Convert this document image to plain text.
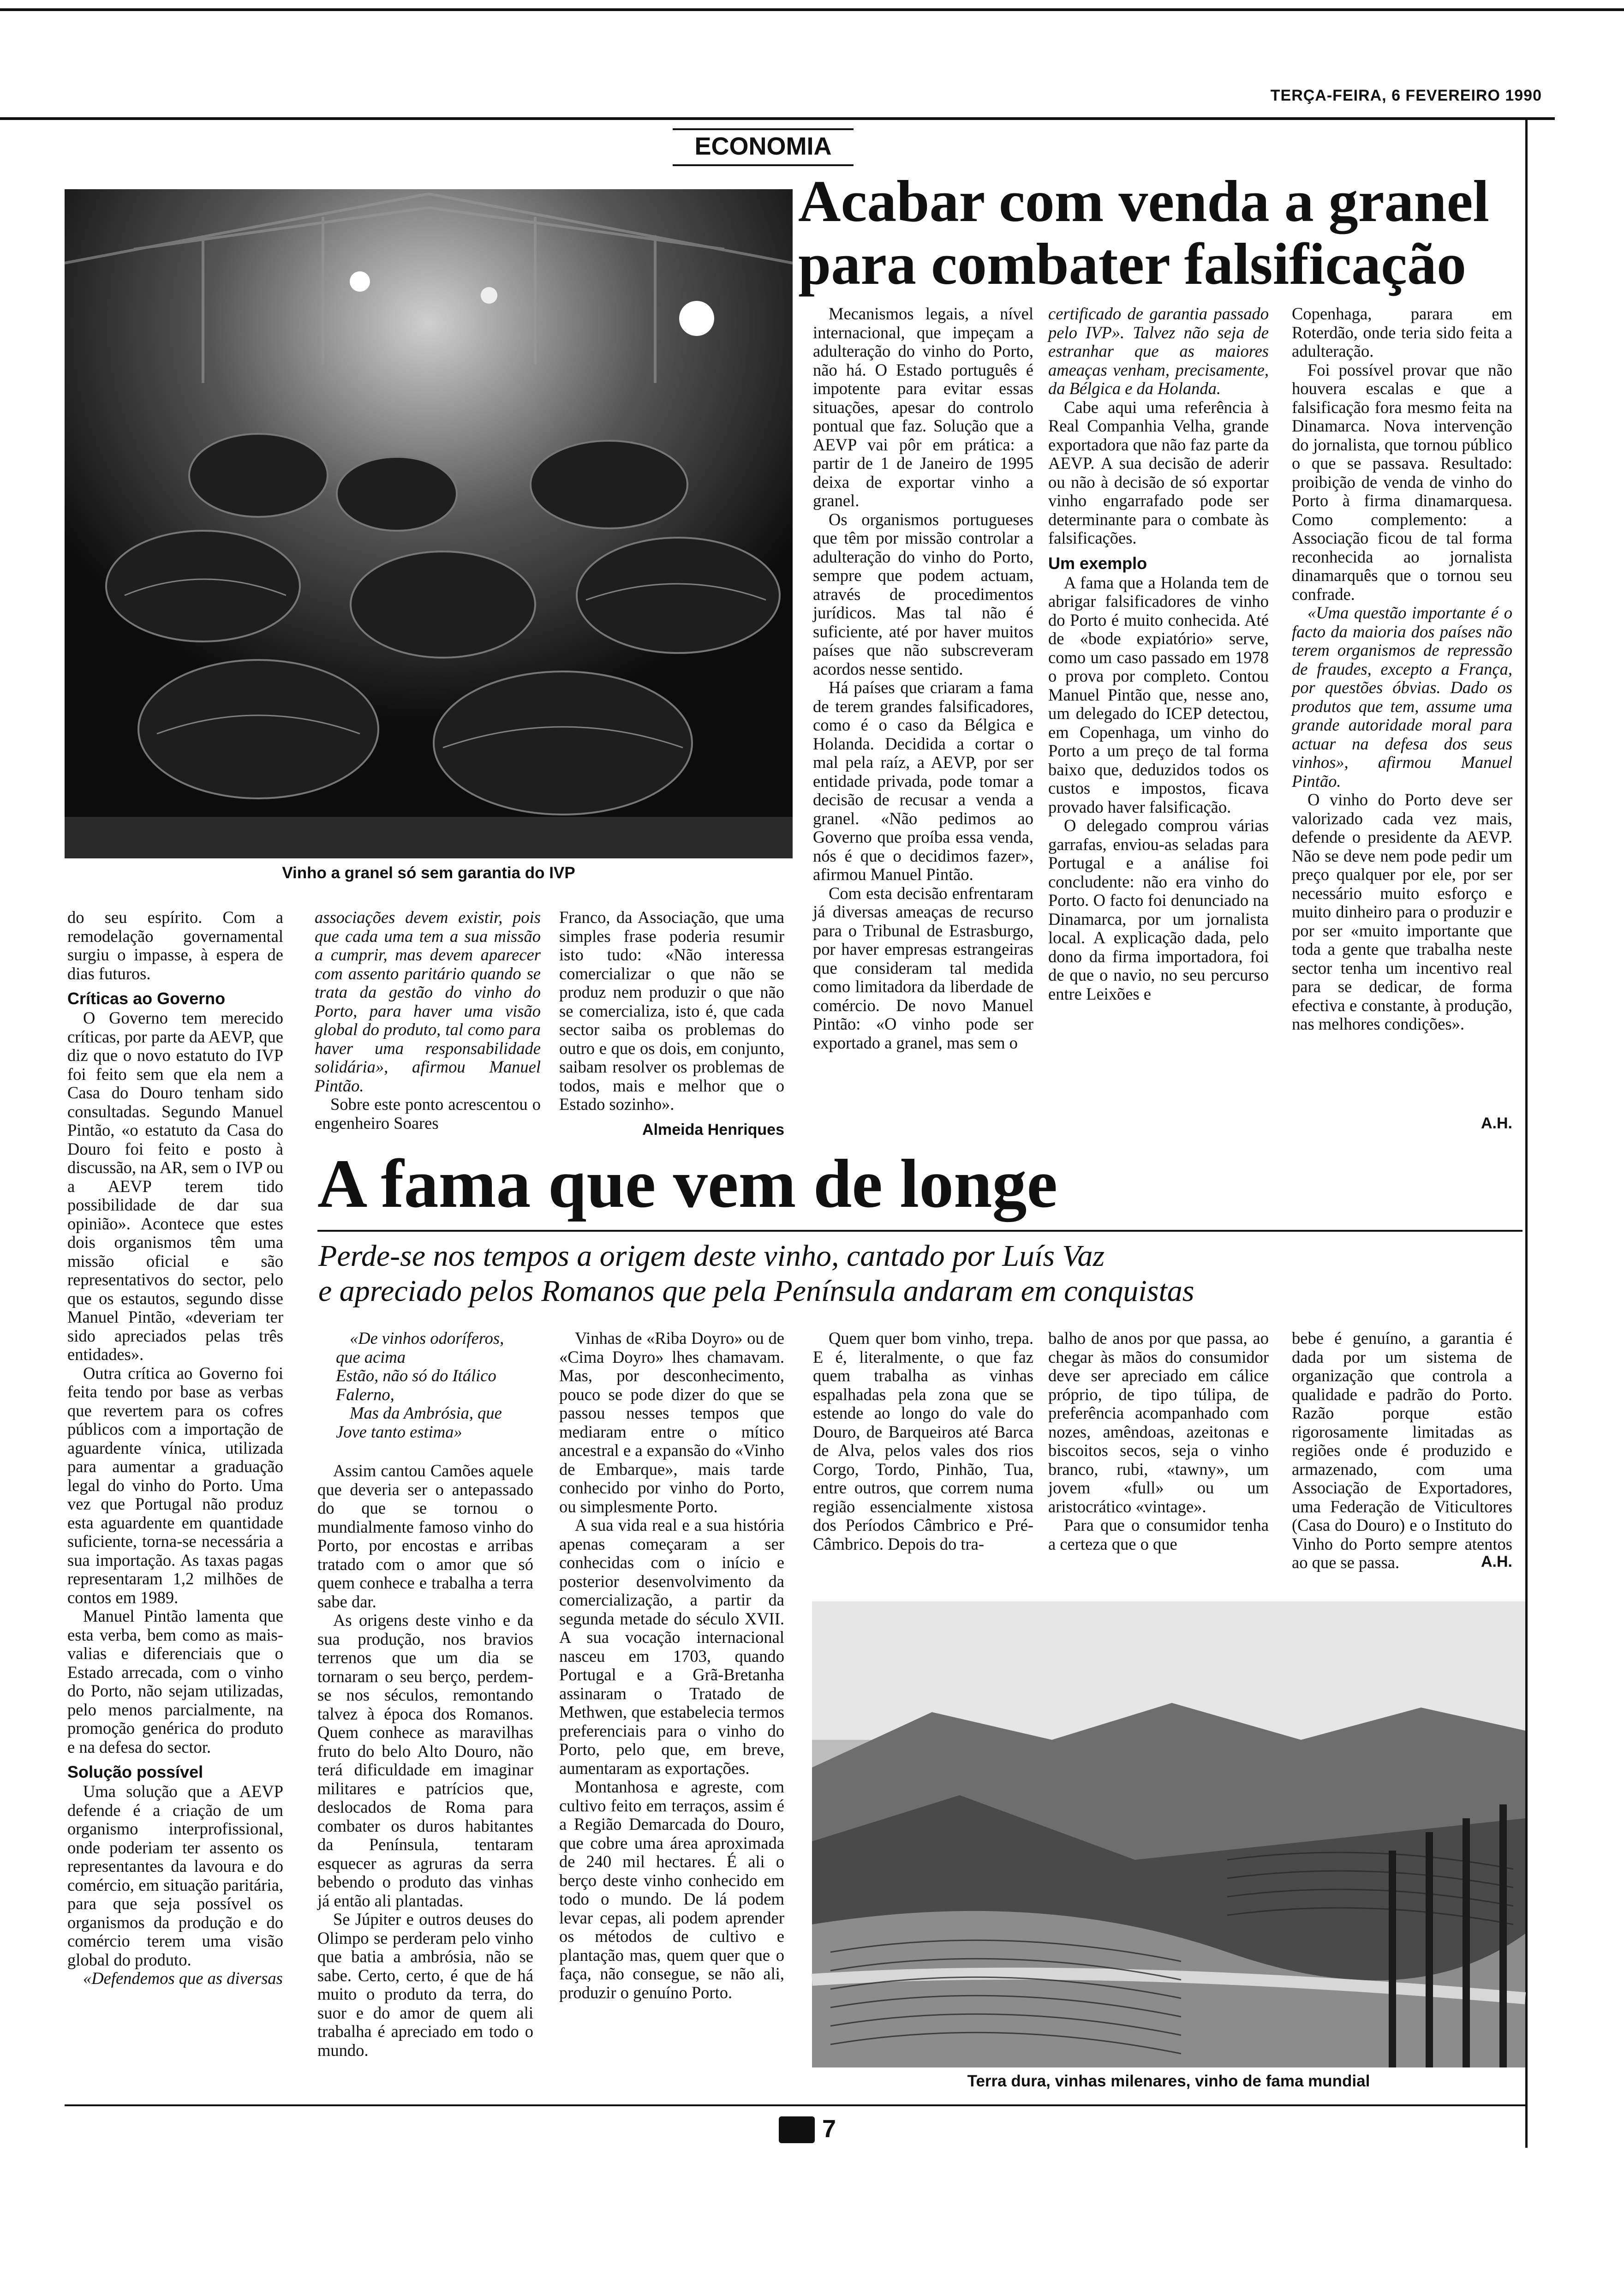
TERÇA-FEIRA, 6 FEVEREIRO 1990
ECONOMIA
Acabar com venda a granel
para combater falsificação
Vinho a granel só sem garantia do IVP

do seu espírito. Com a remodelação governamental surgiu o impasse, à espera de dias futuros.

Críticas ao Governo

O Governo tem merecido críticas, por parte da AEVP, que diz que o novo estatuto do IVP foi feito sem que ela nem a Casa do Douro tenham sido consultadas. Segundo Manuel Pintão, «o estatuto da Casa do Douro foi feito e posto à discussão, na AR, sem o IVP ou a AEVP terem tido possibilidade de dar sua opinião». Acontece que estes dois organismos têm uma missão oficial e são representativos do sector, pelo que os estautos, segundo disse Manuel Pintão, «deveriam ter sido apreciados pelas três entidades».

Outra crítica ao Governo foi feita tendo por base as verbas que revertem para os cofres públicos com a importação de aguardente vínica, utilizada para aumentar a graduação legal do vinho do Porto. Uma vez que Portugal não produz esta aguardente em quantidade suficiente, torna-se necessária a sua importação. As taxas pagas representaram 1,2 milhões de contos em 1989.

Manuel Pintão lamenta que esta verba, bem como as mais-valias e diferenciais que o Estado arrecada, com o vinho do Porto, não sejam utilizadas, pelo menos parcialmente, na promoção genérica do produto e na defesa do sector.

Solução possível

Uma solução que a AEVP defende é a criação de um organismo interprofissional, onde poderiam ter assento os representantes da lavoura e do comércio, em situação paritária, para que seja possível os organismos da produção e do comércio terem uma visão global do produto.

«Defendemos que as diversas

associações devem existir, pois que cada uma tem a sua missão a cumprir, mas devem aparecer com assento paritário quando se trata da gestão do vinho do Porto, para haver uma visão global do produto, tal como para haver uma responsabilidade solidária», afirmou Manuel Pintão.

Sobre este ponto acrescentou o engenheiro Soares

Franco, da Associação, que uma simples frase poderia resumir isto tudo: «Não interessa comercializar o que não se produz nem produzir o que não se comercializa, isto é, que cada sector saiba os problemas do outro e que os dois, em conjunto, saibam resolver os problemas de todos, mais e melhor que o Estado sozinho».

Almeida Henriques

Mecanismos legais, a nível internacional, que impeçam a adulteração do vinho do Porto, não há. O Estado português é impotente para evitar essas situações, apesar do controlo pontual que faz. Solução que a AEVP vai pôr em prática: a partir de 1 de Janeiro de 1995 deixa de exportar vinho a granel.

Os organismos portugueses que têm por missão controlar a adulteração do vinho do Porto, sempre que podem actuam, através de procedimentos jurídicos. Mas tal não é suficiente, até por haver muitos países que não subscreveram acordos nesse sentido.

Há países que criaram a fama de terem grandes falsificadores, como é o caso da Bélgica e Holanda. Decidida a cortar o mal pela raíz, a AEVP, por ser entidade privada, pode tomar a decisão de recusar a venda a granel. «Não pedimos ao Governo que proíba essa venda, nós é que o decidimos fazer», afirmou Manuel Pintão.

Com esta decisão enfrentaram já diversas ameaças de recurso para o Tribunal de Estrasburgo, por haver empresas estrangeiras que consideram tal medida como limitadora da liberdade de comércio. De novo Manuel Pintão: «O vinho pode ser exportado a granel, mas sem o

certificado de garantia passado pelo IVP». Talvez não seja de estranhar que as maiores ameaças venham, precisamente, da Bélgica e da Holanda.

Cabe aqui uma referência à Real Companhia Velha, grande exportadora que não faz parte da AEVP. A sua decisão de aderir ou não à decisão de só exportar vinho engarrafado pode ser determinante para o combate às falsificações.

Um exemplo

A fama que a Holanda tem de abrigar falsificadores de vinho do Porto é muito conhecida. Até de «bode expiatório» serve, como um caso passado em 1978 o prova por completo. Contou Manuel Pintão que, nesse ano, um delegado do ICEP detectou, em Copenhaga, um vinho do Porto a um preço de tal forma baixo que, deduzidos todos os custos e impostos, ficava provado haver falsificação.

O delegado comprou várias garrafas, enviou-as seladas para Portugal e a análise foi concludente: não era vinho do Porto. O facto foi denunciado na Dinamarca, por um jornalista local. A explicação dada, pelo dono da firma importadora, foi de que o navio, no seu percurso entre Leixões e

Copenhaga, parara em Roterdão, onde teria sido feita a adulteração.

Foi possível provar que não houvera escalas e que a falsificação fora mesmo feita na Dinamarca. Nova intervenção do jornalista, que tornou público o que se passava. Resultado: proibição de venda de vinho do Porto à firma dinamarquesa. Como complemento: a Associação ficou de tal forma reconhecida ao jornalista dinamarquês que o tornou seu confrade.

«Uma questão importante é o facto da maioria dos países não terem organismos de repressão de fraudes, excepto a França, por questões óbvias. Dado os produtos que tem, assume uma grande autoridade moral para actuar na defesa dos seus vinhos», afirmou Manuel Pintão.

O vinho do Porto deve ser valorizado cada vez mais, defende o presidente da AEVP. Não se deve nem pode pedir um preço qualquer por ele, por ser necessário muito esforço e muito dinheiro para o produzir e por ser «muito importante que toda a gente que trabalha neste sector tenha um incentivo real para se dedicar, de forma efectiva e constante, à produção, nas melhores condições».

A.H.
A fama que vem de longe
Perde-se nos tempos a origem deste vinho, cantado por Luís Vaz
e apreciado pelos Romanos que pela Península andaram em conquistas
«De vinhos odoríferos,
que acima
Estão, não só do Itálico
Falerno,
Mas da Ambrósia, que
Jove tanto estima»

Assim cantou Camões aquele que deveria ser o antepassado do que se tornou o mundialmente famoso vinho do Porto, por encostas e arribas tratado com o amor que só quem conhece e trabalha a terra sabe dar.

As origens deste vinho e da sua produção, nos bravios terrenos que um dia se tornaram o seu berço, perdem-se nos séculos, remontando talvez à época dos Romanos. Quem conhece as maravilhas fruto do belo Alto Douro, não terá dificuldade em imaginar militares e patrícios que, deslocados de Roma para combater os duros habitantes da Península, tentaram esquecer as agruras da serra bebendo o produto das vinhas já então ali plantadas.

Se Júpiter e outros deuses do Olimpo se perderam pelo vinho que batia a ambrósia, não se sabe. Certo, certo, é que de há muito o produto da terra, do suor e do amor de quem ali trabalha é apreciado em todo o mundo.

Vinhas de «Riba Doyro» ou de «Cima Doyro» lhes chamavam. Mas, por desconhecimento, pouco se pode dizer do que se passou nesses tempos que mediaram entre o mítico ancestral e a expansão do «Vinho de Embarque», mais tarde conhecido por vinho do Porto, ou simplesmente Porto.

A sua vida real e a sua história apenas começaram a ser conhecidas com o início e posterior desenvolvimento da comercialização, a partir da segunda metade do século XVII. A sua vocação internacional nasceu em 1703, quando Portugal e a Grã-Bretanha assinaram o Tratado de Methwen, que estabelecia termos preferenciais para o vinho do Porto, pelo que, em breve, aumentaram as exportações.

Montanhosa e agreste, com cultivo feito em terraços, assim é a Região Demarcada do Douro, que cobre uma área aproximada de 240 mil hectares. É ali o berço deste vinho conhecido em todo o mundo. De lá podem levar cepas, ali podem aprender os métodos de cultivo e plantação mas, quem quer que o faça, não consegue, se não ali, produzir o genuíno Porto.

Quem quer bom vinho, trepa. E é, literalmente, o que faz quem trabalha as vinhas espalhadas pela zona que se estende ao longo do vale do Douro, de Barqueiros até Barca de Alva, pelos vales dos rios Corgo, Tordo, Pinhão, Tua, entre outros, que correm numa região essencialmente xistosa dos Períodos Câmbrico e Pré-Câmbrico. Depois do tra-

balho de anos por que passa, ao chegar às mãos do consumidor deve ser apreciado em cálice próprio, de tipo túlipa, de preferência acompanhado com nozes, amêndoas, azeitonas e biscoitos secos, seja o vinho branco, rubi, «tawny», um jovem «full» ou um aristocrático «vintage».

Para que o consumidor tenha a certeza que o que

bebe é genuíno, a garantia é dada por um sistema de organização que controla a qualidade e padrão do Porto. Razão porque estão rigorosamente limitadas as regiões onde é produzido e armazenado, com uma Associação de Exportadores, uma Federação de Viticultores (Casa do Douro) e o Instituto do Vinho do Porto sempre atentos ao que se passa.	A.H.
Terra dura, vinhas milenares, vinho de fama mundial
7
